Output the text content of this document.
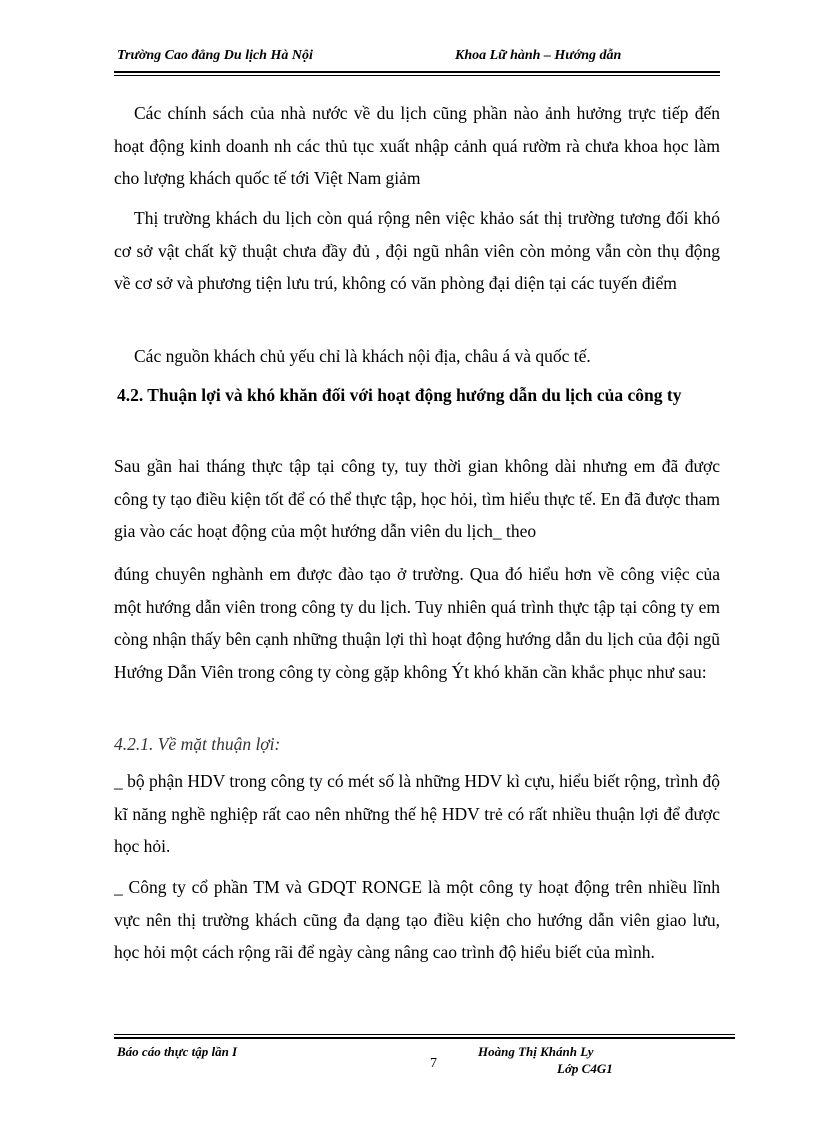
Trường Cao đẳng Du lịch Hà Nội	Khoa Lữ hành – Hướng dẫn
Các chính sách của nhà nước về du lịch cũng phần nào ảnh hưởng trực tiếp đến hoạt động kinh doanh nh các thủ tục xuất nhập cảnh quá rườm rà chưa khoa học làm cho lượng khách quốc tế tới Việt Nam giảm
Thị trường khách du lịch còn quá rộng nên việc khảo sát thị trường tương đối khó cơ sở vật chất kỹ thuật chưa đầy đủ , đội ngũ nhân viên còn mỏng vẫn còn thụ động về cơ sở và phương tiện lưu trú, không có văn phòng đại diện tại các tuyến điểm
Các nguồn khách chủ yếu chỉ là khách nội địa, châu á và quốc tế.
4.2. Thuận lợi và khó khăn đối với hoạt động hướng dẫn du lịch của công ty
Sau gần hai tháng thực tập tại công ty, tuy thời gian không dài nhưng em đã được công ty tạo điều kiện tốt để có thể thực tập, học hỏi, tìm hiểu thực tế. En đã được tham gia vào các hoạt động của một hướng dẫn viên du lịch_ theo
đúng chuyên nghành em được đào tạo ở trường. Qua đó hiểu hơn về công việc của một hướng dẫn viên trong công ty du lịch. Tuy nhiên quá trình thực tập tại công ty em còng nhận thấy bên cạnh những thuận lợi thì hoạt động hướng dẫn du lịch của đội ngũ Hướng Dẫn Viên trong công ty còng gặp không Ýt khó khăn cần khắc phục như sau:
4.2.1. Về mặt thuận lợi:
_ bộ phận HDV trong công ty có mét số là những HDV kì cựu, hiểu biết rộng, trình độ kĩ năng nghề nghiệp rất cao nên những thế hệ HDV trẻ có rất nhiều thuận lợi để được học hỏi.
_ Công ty cổ phần TM và GDQT RONGE là một công ty hoạt động trên nhiều lĩnh vực nên thị trường khách cũng đa dạng tạo điều kiện cho hướng dẫn viên giao lưu, học hỏi một cách rộng rãi để ngày càng nâng cao trình độ hiểu biết của mình.
Báo cáo thực tập lần I
7
Hoàng Thị Khánh Ly
Lớp C4G1
